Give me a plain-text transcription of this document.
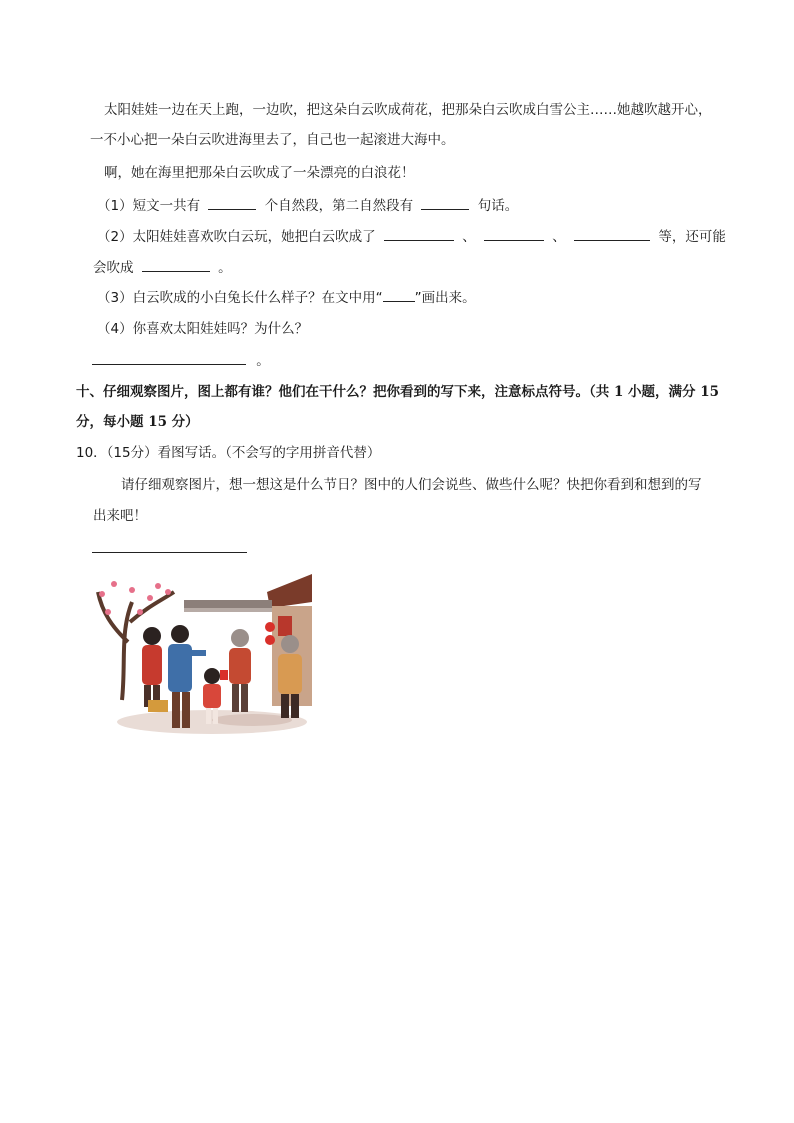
太阳娃娃一边在天上跑，一边吹，把这朵白云吹成荷花，把那朵白云吹成白雪公主……她越吹越开心，
一不小心把一朵白云吹进海里去了，自己也一起滚进大海中。
啊，她在海里把那朵白云吹成了一朵漂亮的白浪花！
（1）短文一共有	个自然段，第二自然段有	句话。
（2）太阳娃娃喜欢吹白云玩，她把白云吹成了	、	、	等，还可能
会吹成	。
（3）白云吹成的小白兔长什么样子？在文中用“ ”画出来。
（4）你喜欢太阳娃娃吗？为什么？
。
十、仔细观察图片，图上都有谁？他们在干什么？把你看到的写下来，注意标点符号。（共 1 小题，满分 15
分，每小题 15 分）
10．（15分）看图写话。（不会写的字用拼音代替）
请仔细观察图片，想一想这是什么节日？图中的人们会说些、做些什么呢？快把你看到和想到的写
出来吧！
